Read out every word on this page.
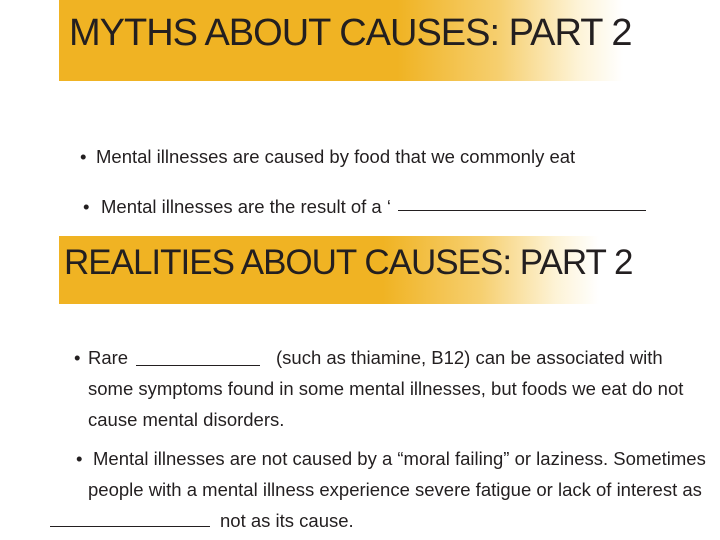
MYTHS ABOUT CAUSES: PART 2
• Mental illnesses are caused by food that we commonly eat
• Mental illnesses are the result of a ‘
REALITIES ABOUT CAUSES: PART 2
• Rare	(such as thiamine, B12) can be associated with
some symptoms found in some mental illnesses, but foods we eat do not
cause mental disorders.
• Mental illnesses are not caused by a “moral failing” or laziness. Sometimes
people with a mental illness experience severe fatigue or lack of interest as
not as its cause.
